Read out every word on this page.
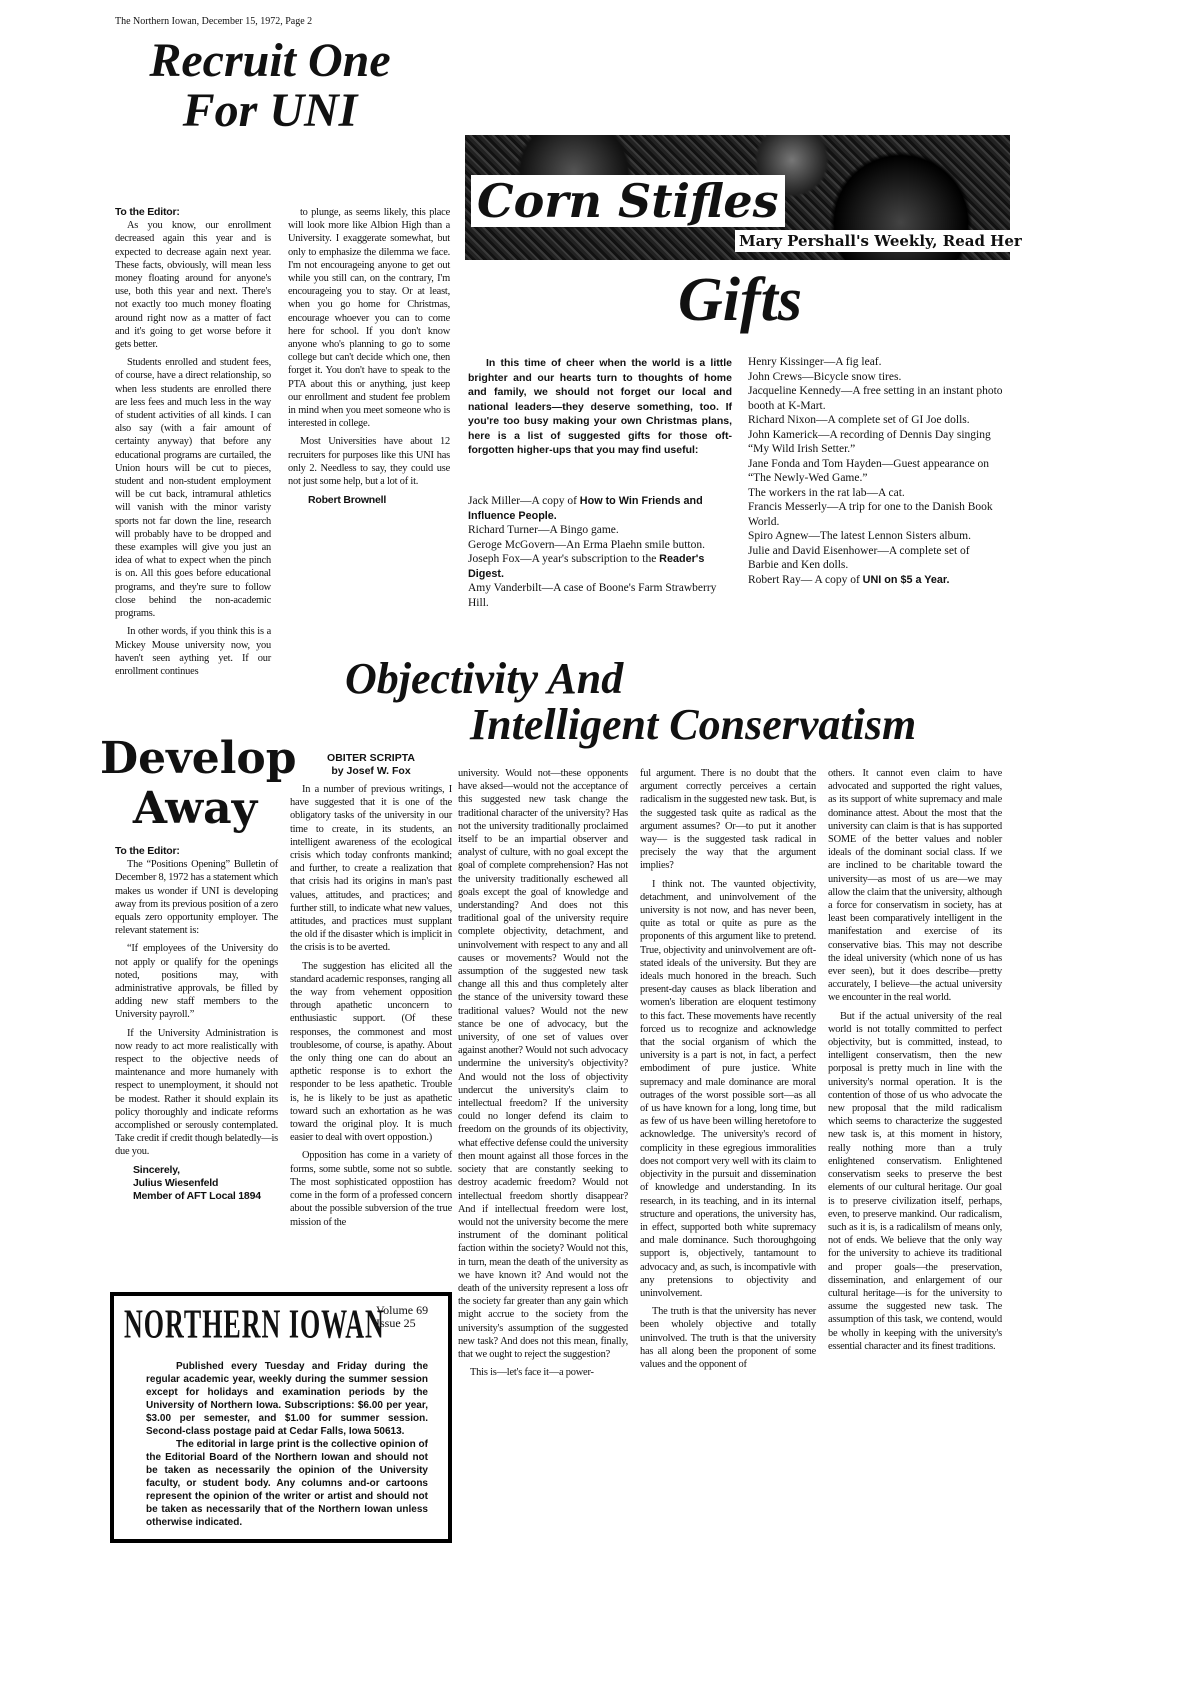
The Northern Iowan, December 15, 1972, Page 2
Recruit One
For UNI
To the Editor:

As you know, our enrollment decreased again this year and is expected to decrease again next year. These facts, obviously, will mean less money floating around for anyone's use, both this year and next. There's not exactly too much money floating around right now as a matter of fact and it's going to get worse before it gets better.

Students enrolled and student fees, of course, have a direct relationship, so when less students are enrolled there are less fees and much less in the way of student activities of all kinds. I can also say (with a fair amount of certainty anyway) that before any educational programs are curtailed, the Union hours will be cut to pieces, student and non-student employment will be cut back, intramural athletics will vanish with the minor varisty sports not far down the line, research will probably have to be dropped and these examples will give you just an idea of what to expect when the pinch is on. All this goes before educational programs, and they're sure to follow close behind the non-academic programs.

In other words, if you think this is a Mickey Mouse university now, you haven't seen aything yet. If our enrollment continues

to plunge, as seems likely, this place will look more like Albion High than a University. I exaggerate somewhat, but only to emphasize the dilemma we face. I'm not encourageing anyone to get out while you still can, on the contrary, I'm encourageing you to stay. Or at least, when you go home for Christmas, encourage whoever you can to come here for school. If you don't know anyone who's planning to go to some college but can't decide which one, then forget it. You don't have to speak to the PTA about this or anything, just keep our enrollment and student fee problem in mind when you meet someone who is interested in college.

Most Universities have about 12 recruiters for purposes like this UNI has only 2. Needless to say, they could use not just some help, but a lot of it.

Robert Brownell
Corn Stifles
Mary Pershall's Weekly, Read Her
Gifts

In this time of cheer when the world is a little brighter and our hearts turn to thoughts of home and family, we should not forget our local and national leaders—they deserve something, too. If you're too busy making your own Christmas plans, here is a list of suggested gifts for those oft-forgotten higher-ups that you may find useful:

Jack Miller—A copy of How to Win Friends and Influence People.
Richard Turner—A Bingo game.
Geroge McGovern—An Erma Plaehn smile button.
Joseph Fox—A year's subscription to the Reader's Digest.
Amy Vanderbilt—A case of Boone's Farm Strawberry Hill.
Henry Kissinger—A fig leaf.
John Crews—Bicycle snow tires.
Jacqueline Kennedy—A free setting in an instant photo booth at K-Mart.
Richard Nixon—A complete set of GI Joe dolls.
John Kamerick—A recording of Dennis Day singing “My Wild Irish Setter.”
Jane Fonda and Tom Hayden—Guest appearance on “The Newly-Wed Game.”
The workers in the rat lab—A cat.
Francis Messerly—A trip for one to the Danish Book World.
Spiro Agnew—The latest Lennon Sisters album.
Julie and David Eisenhower—A complete set of Barbie and Ken dolls.
Robert Ray— A copy of UNI on $5 a Year.
Objectivity And
Intelligent Conservatism
Develop
Away
To the Editor:

The “Positions Opening” Bulletin of December 8, 1972 has a statement which makes us wonder if UNI is developing away from its previous position of a zero equals zero opportunity employer. The relevant statement is:

“If employees of the University do not apply or qualify for the openings noted, positions may, with administrative approvals, be filled by adding new staff members to the University payroll.”

If the University Administration is now ready to act more realistically with respect to the objective needs of maintenance and more humanely with respect to unemployment, it should not be modest. Rather it should explain its policy thoroughly and indicate reforms accomplished or serously contemplated. Take credit if credit though belatedly—is due you.

Sincerely,
Julius Wiesenfeld
Member of AFT Local 1894
NORTHERN IOWAN
Volume 69
Issue 25

Published every Tuesday and Friday during the regular academic year, weekly during the summer session except for holidays and examination periods by the University of Northern Iowa. Subscriptions: $6.00 per year, $3.00 per semester, and $1.00 for summer session. Second-class postage paid at Cedar Falls, Iowa 50613.

The editorial in large print is the collective opinion of the Editorial Board of the Northern Iowan and should not be taken as necessarily the opinion of the University faculty, or student body. Any columns and-or cartoons represent the opinion of the writer or artist and should not be taken as necessarily that of the Northern Iowan unless otherwise indicated.

OBITER SCRIPTA
by Josef W. Fox

In a number of previous writings, I have suggested that it is one of the obligatory tasks of the university in our time to create, in its students, an intelligent awareness of the ecological crisis which today confronts mankind; and further, to create a realization that that crisis had its origins in man's past values, attitudes, and practices; and further still, to indicate what new values, attitudes, and practices must supplant the old if the disaster which is implicit in the crisis is to be averted.

The suggestion has elicited all the standard academic responses, ranging all the way from vehement opposition through apathetic unconcern to enthusiastic support. (Of these responses, the commonest and most troublesome, of course, is apathy. About the only thing one can do about an apthetic response is to exhort the responder to be less apathetic. Trouble is, he is likely to be just as apathetic toward such an exhortation as he was toward the original ploy. It is much easier to deal with overt oppostion.)

Opposition has come in a variety of forms, some subtle, some not so subtle. The most sophisticated oppostiion has come in the form of a professed concern about the possible subversion of the true mission of the

university. Would not—these opponents have aksed—would not the acceptance of this suggested new task change the traditional character of the university? Has not the university traditionally proclaimed itself to be an impartial observer and analyst of culture, with no goal except the goal of complete comprehension? Has not the university traditionally eschewed all goals except the goal of knowledge and understanding? And does not this traditional goal of the university require complete objectivity, detachment, and uninvolvement with respect to any and all causes or movements? Would not the assumption of the suggested new task change all this and thus completely alter the stance of the university toward these traditional values? Would not the new stance be one of advocacy, but the university, of one set of values over against another? Would not such advocacy undermine the university's objectivity? And would not the loss of objectivity undercut the university's claim to intellectual freedom? If the university could no longer defend its claim to freedom on the grounds of its objectivity, what effective defense could the university then mount against all those forces in the society that are constantly seeking to destroy academic freedom? Would not intellectual freedom shortly disappear? And if intellectual freedom were lost, would not the university become the mere instrument of the dominant political faction within the society? Would not this, in turn, mean the death of the university as we have known it? And would not the death of the university represent a loss ofr the society far greater than any gain which might accrue to the society from the university's assumption of the suggested new task? And does not this mean, finally, that we ought to reject the suggestion?

This is—let's face it—a power-

ful argument. There is no doubt that the argument correctly perceives a certain radicalism in the suggested new task. But, is the suggested task quite as radical as the argument assumes? Or—to put it another way— is the suggested task radical in precisely the way that the argument implies?

I think not. The vaunted objectivity, detachment, and uninvolvement of the university is not now, and has never been, quite as total or quite as pure as the proponents of this argument like to pretend. True, objectivity and uninvolvement are oft-stated ideals of the university. But they are ideals much honored in the breach. Such present-day causes as black liberation and women's liberation are eloquent testimony to this fact. These movements have recently forced us to recognize and acknowledge that the social organism of which the university is a part is not, in fact, a perfect embodiment of pure justice. White supremacy and male dominance are moral outrages of the worst possible sort—as all of us have known for a long, long time, but as few of us have been willing heretofore to acknowledge. The university's record of complicity in these egregious immoralities does not comport very well with its claim to objectivity in the pursuit and dissemination of knowledge and understanding. In its research, in its teaching, and in its internal structure and operations, the university has, in effect, supported both white supremacy and male dominance. Such thoroughgoing support is, objectively, tantamount to advocacy and, as such, is incompativle with any pretensions to objectivity and uninvolvement.

The truth is that the university has never been wholely objective and totally uninvolved. The truth is that the university has all along been the proponent of some values and the opponent of

others. It cannot even claim to have advocated and supported the right values, as its support of white supremacy and male dominance attest. About the most that the university can claim is that is has supported SOME of the better values and nobler ideals of the dominant social class. If we are inclined to be charitable toward the university—as most of us are—we may allow the claim that the university, although a force for conservatism in society, has at least been comparatively intelligent in the manifestation and exercise of its conservative bias. This may not describe the ideal university (which none of us has ever seen), but it does describe—pretty accurately, I believe—the actual university we encounter in the real world.

But if the actual university of the real world is not totally committed to perfect objectivity, but is committed, instead, to intelligent conservatism, then the new porposal is pretty much in line with the university's normal operation. It is the contention of those of us who advocate the new proposal that the mild radicalism which seems to characterize the suggested new task is, at this moment in history, really nothing more than a truly enlightened conservatism. Enlightened conservatism seeks to preserve the best elements of our cultural heritage. Our goal is to preserve civilization itself, perhaps, even, to preserve mankind. Our radicalism, such as it is, is a radicalilsm of means only, not of ends. We believe that the only way for the university to achieve its traditional and proper goals—the preservation, dissemination, and enlargement of our cultural heritage—is for the university to assume the suggested new task. The assumption of this task, we contend, would be wholly in keeping with the university's essential character and its finest traditions.
